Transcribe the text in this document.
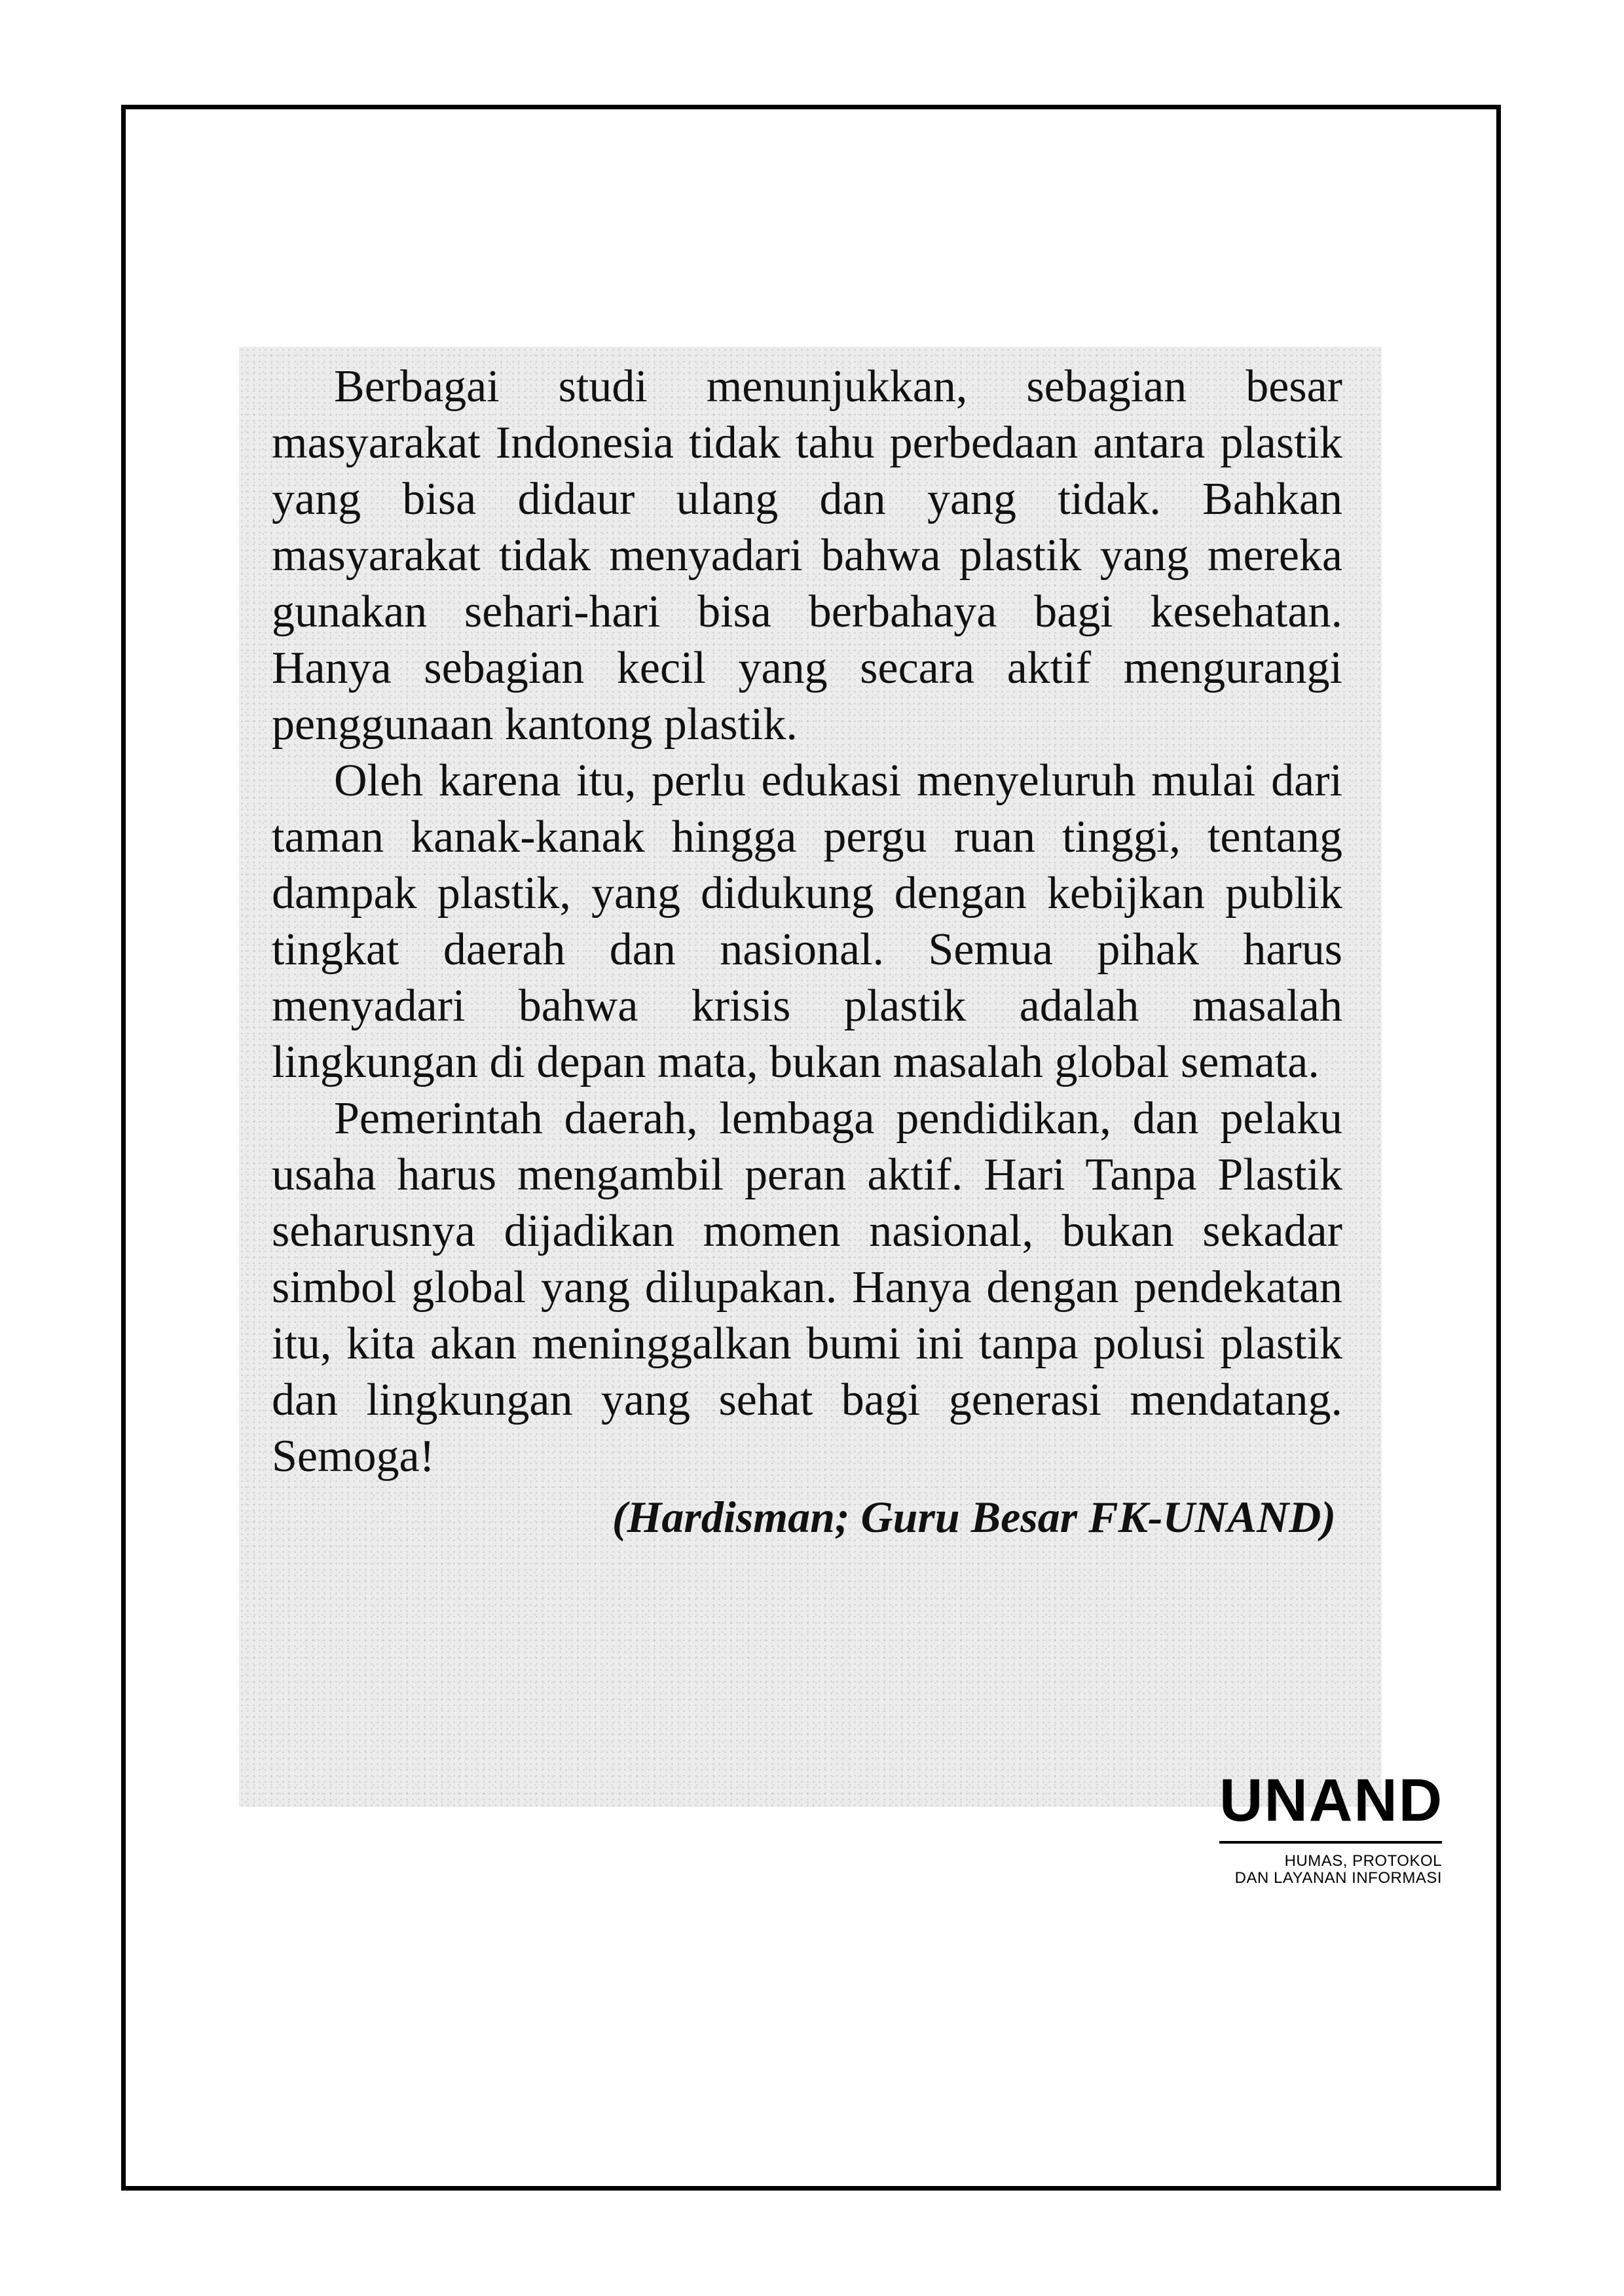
Berbagai studi menunjukkan, sebagian besar masyarakat Indonesia tidak tahu perbedaan antara plastik yang bisa didaur ulang dan yang tidak. Bahkan masyarakat tidak menyadari bahwa plastik yang mereka gunakan sehari-hari bisa berbahaya bagi kesehatan. Hanya sebagian kecil yang secara aktif mengurangi penggunaan kantong plastik.

Oleh karena itu, perlu edukasi menyeluruh mulai dari taman kanak-kanak hingga pergu ruan tinggi, tentang dampak plastik, yang didukung dengan kebijkan publik tingkat daerah dan nasional. Semua pihak harus menyadari bahwa krisis plastik adalah masalah lingkungan di depan mata, bukan masalah global semata.

Pemerintah daerah, lembaga pendidikan, dan pelaku usaha harus mengambil peran aktif. Hari Tanpa Plastik seharusnya dijadikan momen nasional, bukan sekadar simbol global yang dilupakan. Hanya dengan pendekatan itu, kita akan meninggalkan bumi ini tanpa polusi plastik dan lingkungan yang sehat bagi generasi mendatang. Semoga!

(Hardisman; Guru Besar FK-UNAND)

UNAND
HUMAS, PROTOKOL
DAN LAYANAN INFORMASI
